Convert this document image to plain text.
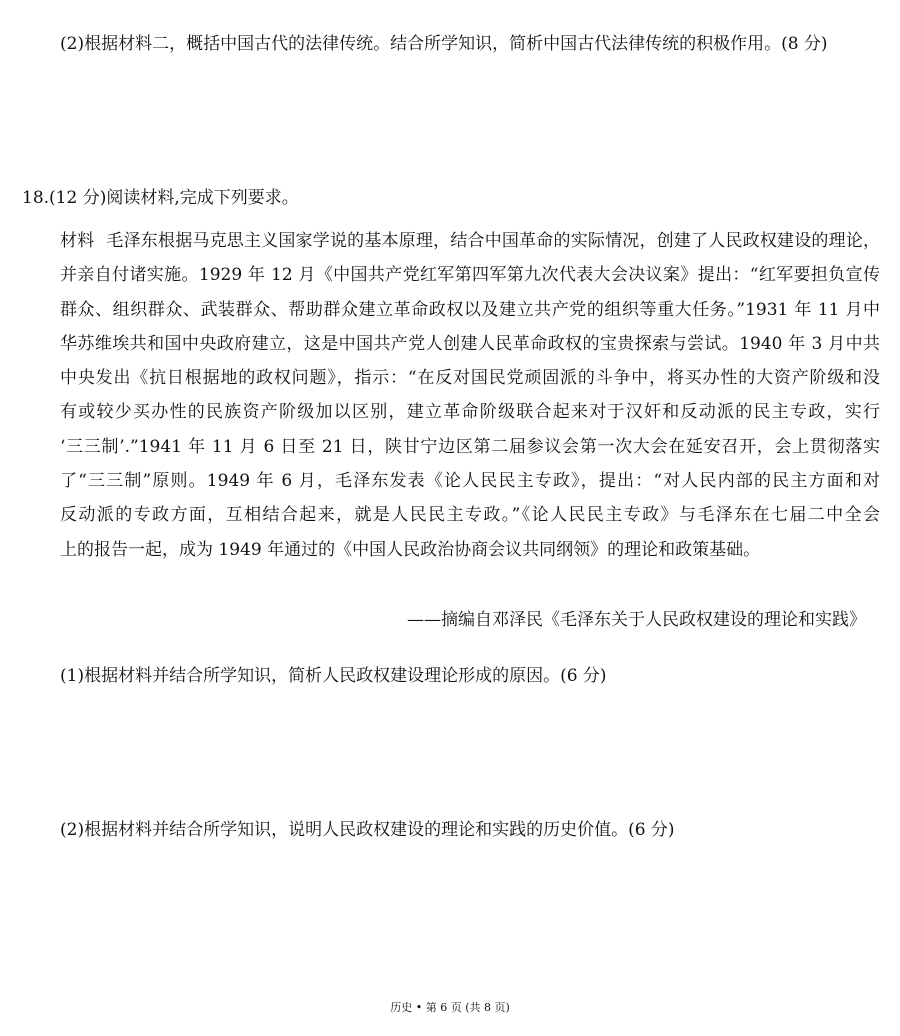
(2)根据材料二，概括中国古代的法律传统。结合所学知识，简析中国古代法律传统的积极作用。(8 分)
18.(12 分)阅读材料,完成下列要求。
材料 毛泽东根据马克思主义国家学说的基本原理，结合中国革命的实际情况，创建了人民政权建设的理论，
并亲自付诸实施。1929 年 12 月《中国共产党红军第四军第九次代表大会决议案》提出：“红军要担负宣传
群众、组织群众、武装群众、帮助群众建立革命政权以及建立共产党的组织等重大任务。”1931 年 11 月中
华苏维埃共和国中央政府建立，这是中国共产党人创建人民革命政权的宝贵探索与尝试。1940 年 3 月中共
中央发出《抗日根据地的政权问题》，指示：“在反对国民党顽固派的斗争中，将买办性的大资产阶级和没
有或较少买办性的民族资产阶级加以区别，建立革命阶级联合起来对于汉奸和反动派的民主专政，实行
‘三三制’.”1941 年 11 月 6 日至 21 日，陕甘宁边区第二届参议会第一次大会在延安召开，会上贯彻落实
了“三三制”原则。1949 年 6 月，毛泽东发表《论人民民主专政》，提出：“对人民内部的民主方面和对
反动派的专政方面，互相结合起来，就是人民民主专政。”《论人民民主专政》与毛泽东在七届二中全会
上的报告一起，成为 1949 年通过的《中国人民政治协商会议共同纲领》的理论和政策基础。
——摘编自邓泽民《毛泽东关于人民政权建设的理论和实践》
(1)根据材料并结合所学知识，简析人民政权建设理论形成的原因。(6 分)
(2)根据材料并结合所学知识，说明人民政权建设的理论和实践的历史价值。(6 分)
历史 • 第 6 页 (共 8 页)
